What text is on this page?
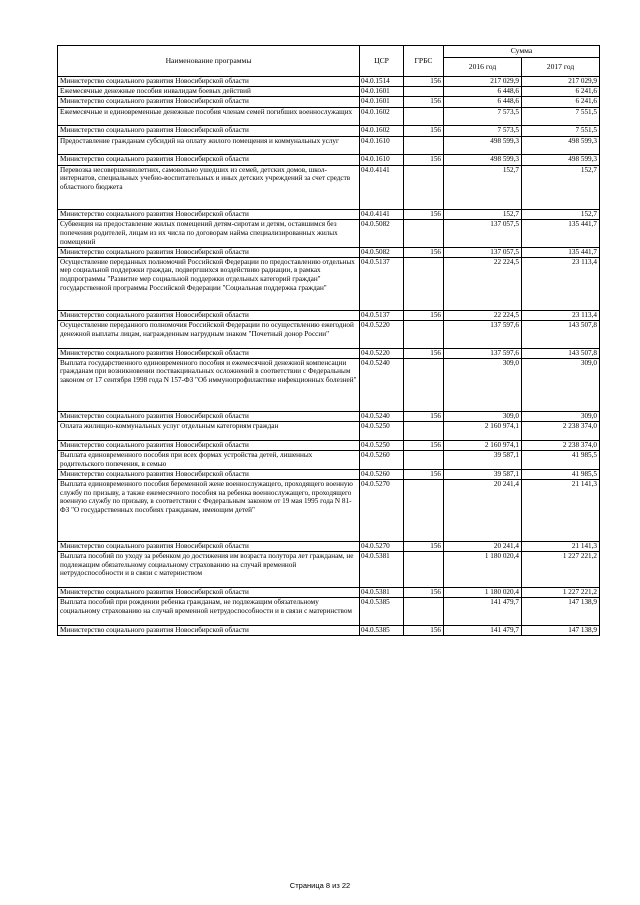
Наименование программы	ЦСР	ГРБС	Сумма	
			2016 год	2017 год
Министерство социального развития Новосибирской области	04.0.1514	156	217 029,9	217 029,9
Ежемесячные денежные пособия инвалидам боевых действий	04.0.1601		6 448,6	6 241,6
Министерство социального развития Новосибирской области	04.0.1601	156	6 448,6	6 241,6
Ежемесячные и единовременные денежные пособия членам семей погибших военнослужащих	04.0.1602		7 573,5	7 551,5
Министерство социального развития Новосибирской области	04.0.1602	156	7 573,5	7 551,5
Предоставление гражданам субсидий на оплату жилого помещения и коммунальных услуг	04.0.1610		498 599,3	498 599,3
Министерство социального развития Новосибирской области	04.0.1610	156	498 599,3	498 599,3
Перевозка несовершеннолетних, самовольно ушедших из семей, детских домов, школ-интернатов, специальных учебно-воспитательных и иных детских учреждений за счет средств областного бюджета	04.0.4141		152,7	152,7
Министерство социального развития Новосибирской области	04.0.4141	156	152,7	152,7
Субвенция на предоставление жилых помещений детям-сиротам и детям, оставшимся без попечения родителей, лицам из их числа по договорам найма специализированных жилых помещений	04.0.5082		137 057,5	135 441,7
Министерство социального развития Новосибирской области	04.0.5082	156	137 057,5	135 441,7
Осуществление переданных полномочий Российской Федерации по предоставлению отдельных мер социальной поддержки граждан, подвергшихся воздействию радиации, в рамках подпрограммы "Развитие мер социальной поддержки отдельных категорий граждан" государственной программы Российской Федерации "Социальная поддержка граждан"	04.0.5137		22 224,5	23 113,4
Министерство социального развития Новосибирской области	04.0.5137	156	22 224,5	23 113,4
Осуществление переданного полномочия Российской Федерации по осуществлению ежегодной денежной выплаты лицам, награжденным нагрудным знаком "Почетный донор России"	04.0.5220		137 597,6	143 507,8
Министерство социального развития Новосибирской области	04.0.5220	156	137 597,6	143 507,8
Выплата государственного единовременного пособия и ежемесячной денежной компенсации гражданам при возникновении поствакцинальных осложнений в соответствии с Федеральным законом от 17 сентября 1998 года N 157-ФЗ "Об иммунопрофилактике инфекционных болезней"	04.0.5240		309,0	309,0
Министерство социального развития Новосибирской области	04.0.5240	156	309,0	309,0
Оплата жилищно-коммунальных услуг отдельным категориям граждан	04.0.5250		2 160 974,1	2 238 374,0
Министерство социального развития Новосибирской области	04.0.5250	156	2 160 974,1	2 238 374,0
Выплата единовременного пособия при всех формах устройства детей, лишенных родительского попечения, в семью	04.0.5260		39 587,1	41 985,5
Министерство социального развития Новосибирской области	04.0.5260	156	39 587,1	41 985,5
Выплата единовременного пособия беременной жене военнослужащего, проходящего военную службу по призыву, а также ежемесячного пособия на ребенка военнослужащего, проходящего военную службу по призыву, в соответствии с Федеральным законом от 19 мая 1995 года N 81-ФЗ "О государственных пособиях гражданам, имеющим детей"	04.0.5270		20 241,4	21 141,3
Министерство социального развития Новосибирской области	04.0.5270	156	20 241,4	21 141,3
Выплата пособий по уходу за ребенком до достижения им возраста полутора лет гражданам, не подлежащим обязательному социальному страхованию на случай временной нетрудоспособности и в связи с материнством	04.0.5381		1 180 020,4	1 227 221,2
Министерство социального развития Новосибирской области	04.0.5381	156	1 180 020,4	1 227 221,2
Выплата пособий при рождении ребенка гражданам, не подлежащим обязательному социальному страхованию на случай временной нетрудоспособности и в связи с материнством	04.0.5385		141 479,7	147 138,9
Министерство социального развития Новосибирской области	04.0.5385	156	141 479,7	147 138,9
Страница 8 из 22
